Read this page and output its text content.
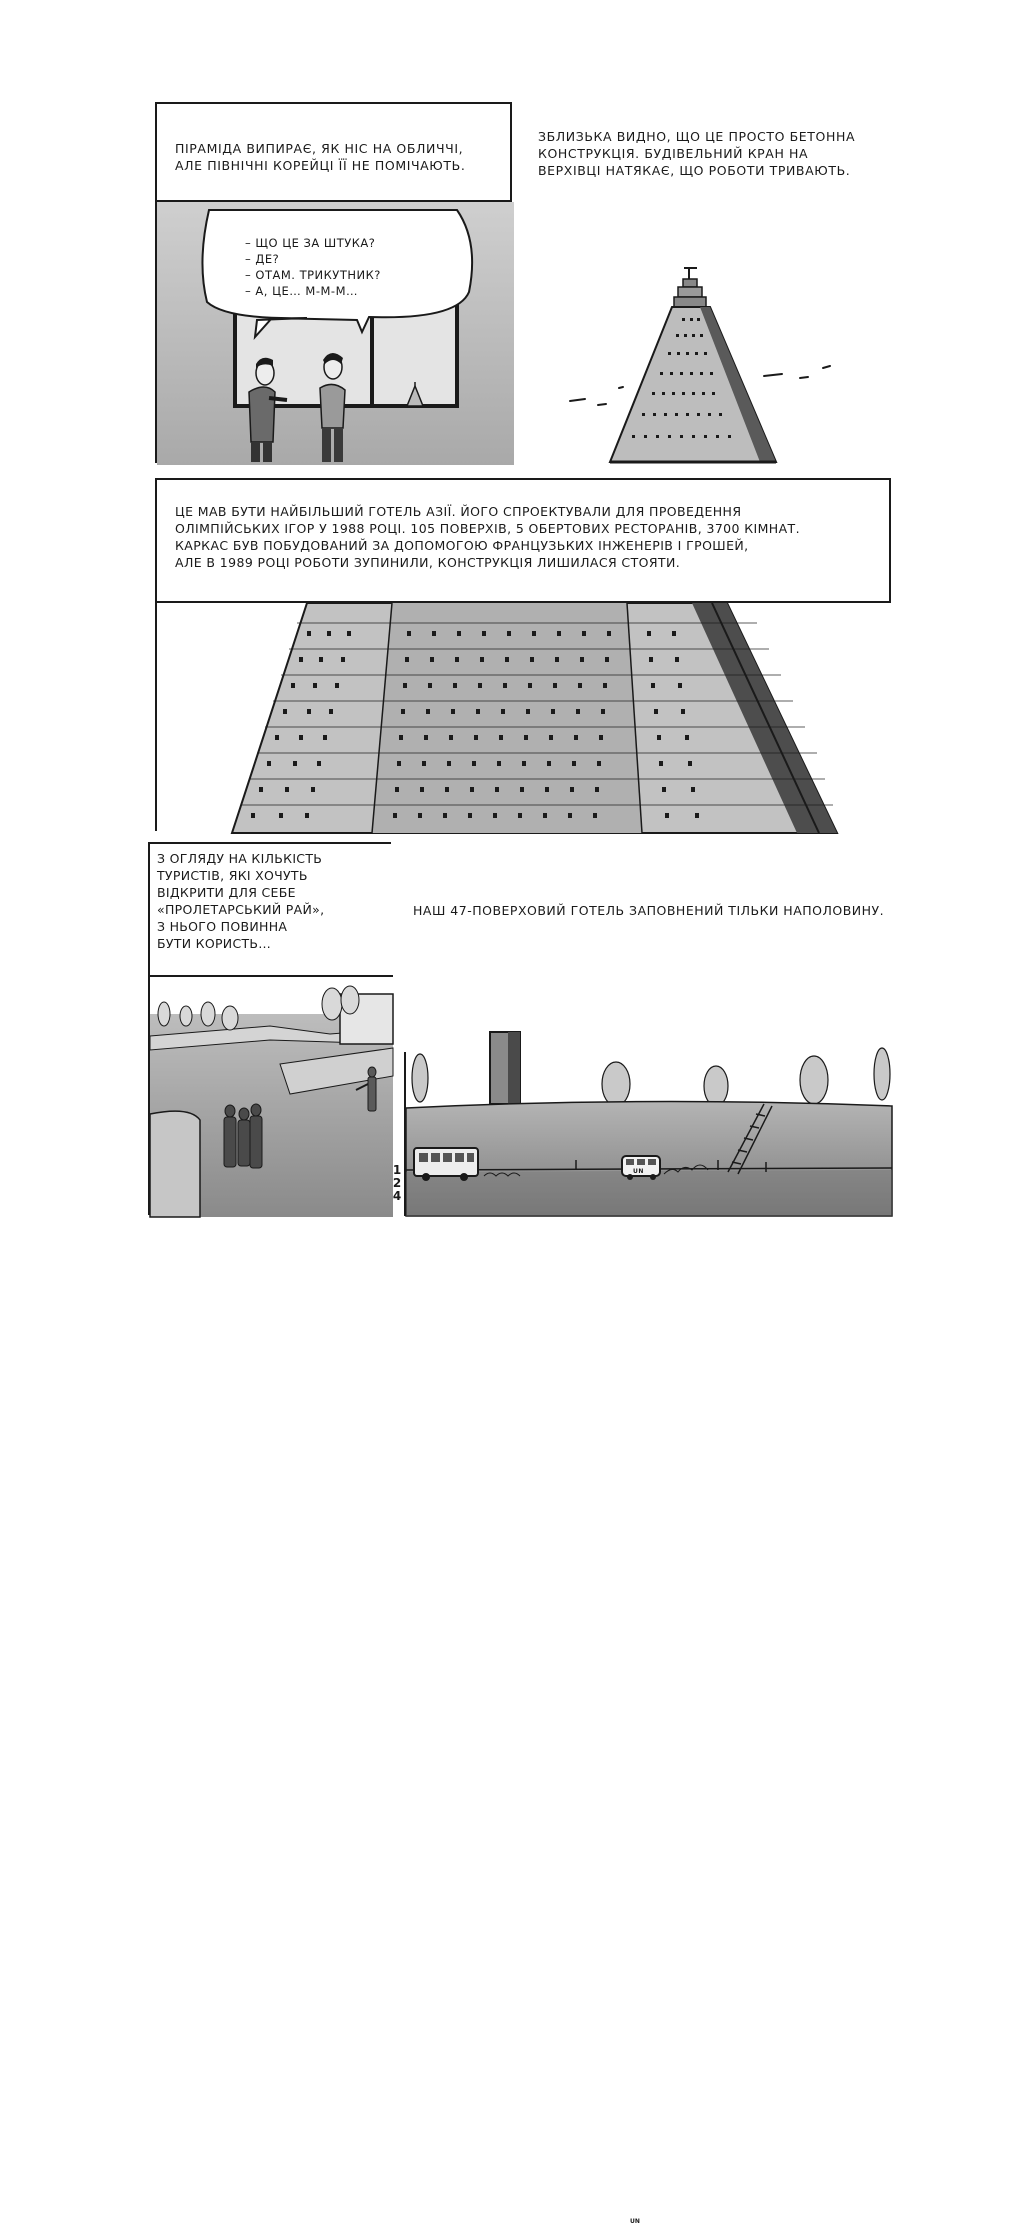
ПІРАМІДА ВИПИРАЄ, ЯК НІС НА ОБЛИЧЧІ,
АЛЕ ПІВНІЧНІ КОРЕЙЦІ ЇЇ НЕ ПОМІЧАЮТЬ.
– ЩО ЦЕ ЗА ШТУКА?
– ДЕ?
– ОТАМ. ТРИКУТНИК?
– А, ЦЕ… М-М-М…
ЗБЛИЗЬКА ВИДНО, ЩО ЦЕ ПРОСТО БЕТОННА
КОНСТРУКЦІЯ. БУДІВЕЛЬНИЙ КРАН НА
ВЕРХІВЦІ НАТЯКАЄ, ЩО РОБОТИ ТРИВАЮТЬ.
ЦЕ МАВ БУТИ НАЙБІЛЬШИЙ ГОТЕЛЬ АЗІЇ. ЙОГО СПРОЕКТУВАЛИ ДЛЯ ПРОВЕДЕННЯ
ОЛІМПІЙСЬКИХ ІГОР У 1988 РОЦІ. 105 ПОВЕРХІВ, 5 ОБЕРТОВИХ РЕСТОРАНІВ, 3700 КІМНАТ.
КАРКАС БУВ ПОБУДОВАНИЙ ЗА ДОПОМОГОЮ ФРАНЦУЗЬКИХ ІНЖЕНЕРІВ І ГРОШЕЙ,
АЛЕ В 1989 РОЦІ РОБОТИ ЗУПИНИЛИ, КОНСТРУКЦІЯ ЛИШИЛАСЯ СТОЯТИ.
З ОГЛЯДУ НА КІЛЬКІСТЬ
ТУРИСТІВ, ЯКІ ХОЧУТЬ
ВІДКРИТИ ДЛЯ СЕБЕ
«ПРОЛЕТАРСЬКИЙ РАЙ»,
З НЬОГО ПОВИННА
БУТИ КОРИСТЬ…
1
2
4
НАШ 47-ПОВЕРХОВИЙ ГОТЕЛЬ ЗАПОВНЕНИЙ ТІЛЬКИ НАПОЛОВИНУ.
UN
UN
